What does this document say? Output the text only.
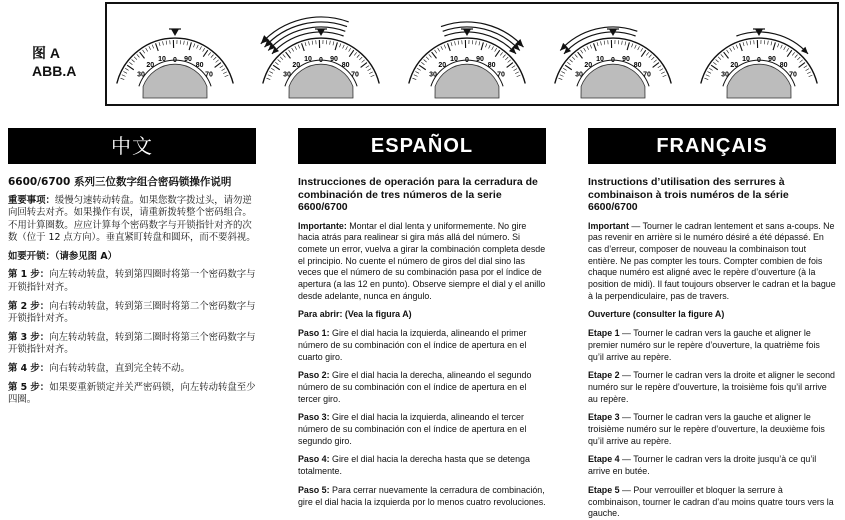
图 A
ABB.A	30
20
10	90
80
70
0
30
20
10	90
80
70
0
30
20
10	90
80
70
0
30
20
10	90
80
70
0
30
20
10	90
80
70
0
中文
6600/6700 系列三位数字组合密码锁操作说明
重要事项：缓慢匀速转动转盘。如果您数字拨过头，请勿逆向回转去对齐。如果操作有误，请重新拨转整个密码组合。不用计算圈数。应应计算每个密码数字与开锁指针对齐的次数（位于 12 点方向）。垂直紧盯转盘和圆环，而不要斜视。
如要开锁：（请参见图 A）
第 1 步：向左转动转盘，转到第四圈时将第一个密码数字与开锁指针对齐。
第 2 步：向右转动转盘，转到第三圈时将第二个密码数字与开锁指针对齐。
第 3 步：向左转动转盘，转到第二圈时将第三个密码数字与开锁指针对齐。
第 4 步：向右转动转盘，直到完全转不动。
第 5 步：如果要重新锁定并关严密码锁，向左转动转盘至少四圈。
ESPAÑOL
Instrucciones de operación para la cerradura de combinación de tres números de la serie 6600/6700
Importante: Montar el dial lenta y uniformemente. No gire hacia atrás para realinear si gira más allá del número. Si comete un error, vuelva a girar la combinación completa desde el principio. No cuente el número de giros del dial sino las veces que el número de su combinación pasa por el índice de apertura (a las 12 en punto). Observe siempre el dial y el anillo desde adelante, nunca en ángulo.
Para abrir: (Vea la figura A)
Paso 1: Gire el dial hacia la izquierda, alineando el primer número de su combinación con el índice de apertura en el cuarto giro.
Paso 2: Gire el dial hacia la derecha, alineando el segundo número de su combinación con el índice de apertura en el tercer giro.
Paso 3: Gire el dial hacia la izquierda, alineando el tercer número de su combinación con el índice de apertura en el segundo giro.
Paso 4: Gire el dial hacia la derecha hasta que se detenga totalmente.
Paso 5: Para cerrar nuevamente la cerradura de combinación, gire el dial hacia la izquierda por lo menos cuatro revoluciones.
FRANÇAIS
Instructions d’utilisation des serrures à combinaison à trois numéros de la série 6600/6700
Important — Tourner le cadran lentement et sans a-coups. Ne pas revenir en arrière si le numéro désiré a été dépassé. En cas d’erreur, composer de nouveau la combinaison tout entière. Ne pas compter les tours. Compter combien de fois chaque numéro est aligné avec le repère d’ouverture (à la position de midi). Il faut toujours observer le cadran et la bague à la perpendiculaire, pas de travers.
Ouverture (consulter la figure A)
Etape 1 — Tourner le cadran vers la gauche et aligner le premier numéro sur le repère d’ouverture, la quatrième fois qu’il arrive au repère.
Etape 2 — Tourner le cadran vers la droite et aligner le second numéro sur le repère d’ouverture, la troisième fois qu’il arrive au repère.
Etape 3 — Tourner le cadran vers la gauche et aligner le troisième numéro sur le repère d’ouverture, la deuxième fois qu’il arrive au repère.
Etape 4 — Tourner le cadran vers la droite jusqu’à ce qu’il arrive en butée.
Etape 5 — Pour verrouiller et bloquer la serrure à combinaison, tourner le cadran d’au moins quatre tours vers la gauche.
